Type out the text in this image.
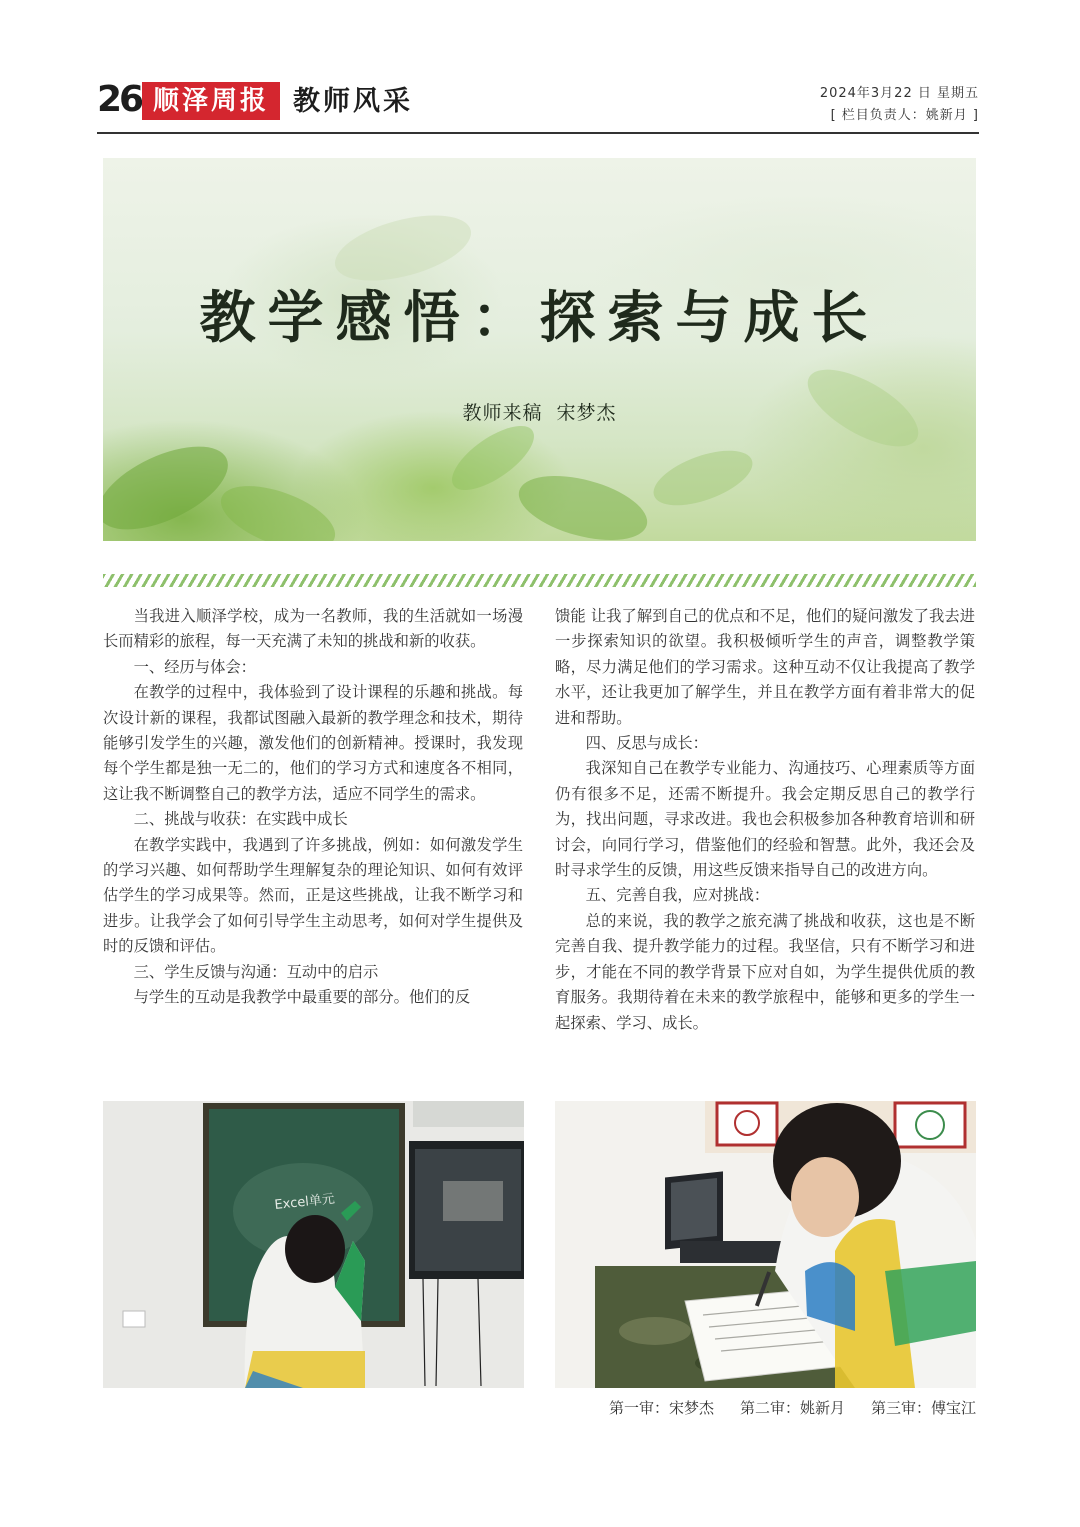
26 顺泽周报 教师风采	2024年3月22 日 星期五
[ 栏目负责人：姚新月 ]
教学感悟：探索与成长
教师来稿 宋梦杰

当我进入顺泽学校，成为一名教师，我的生活就如一场漫长而精彩的旅程，每一天充满了未知的挑战和新的收获。

一、经历与体会：

在教学的过程中，我体验到了设计课程的乐趣和挑战。每次设计新的课程，我都试图融入最新的教学理念和技术，期待能够引发学生的兴趣，激发他们的创新精神。授课时，我发现每个学生都是独一无二的，他们的学习方式和速度各不相同，这让我不断调整自己的教学方法，适应不同学生的需求。

二、挑战与收获：在实践中成长

在教学实践中，我遇到了许多挑战，例如：如何激发学生的学习兴趣、如何帮助学生理解复杂的理论知识、如何有效评估学生的学习成果等。然而，正是这些挑战，让我不断学习和进步。让我学会了如何引导学生主动思考，如何对学生提供及时的反馈和评估。

三、学生反馈与沟通：互动中的启示

与学生的互动是我教学中最重要的部分。他们的反

馈能 让我了解到自己的优点和不足，他们的疑问激发了我去进一步探索知识的欲望。我积极倾听学生的声音，调整教学策略，尽力满足他们的学习需求。这种互动不仅让我提高了教学水平，还让我更加了解学生，并且在教学方面有着非常大的促进和帮助。

四、反思与成长：

我深知自己在教学专业能力、沟通技巧、心理素质等方面仍有很多不足，还需不断提升。我会定期反思自己的教学行为，找出问题，寻求改进。我也会积极参加各种教育培训和研讨会，向同行学习，借鉴他们的经验和智慧。此外，我还会及时寻求学生的反馈，用这些反馈来指导自己的改进方向。

五、完善自我，应对挑战：

总的来说，我的教学之旅充满了挑战和收获，这也是不断完善自我、提升教学能力的过程。我坚信，只有不断学习和进步，才能在不同的教学背景下应对自如，为学生提供优质的教育服务。我期待着在未来的教学旅程中，能够和更多的学生一起探索、学习、成长。

Excel单元
第一审：宋梦杰 第二审：姚新月 第三审：傅宝江
